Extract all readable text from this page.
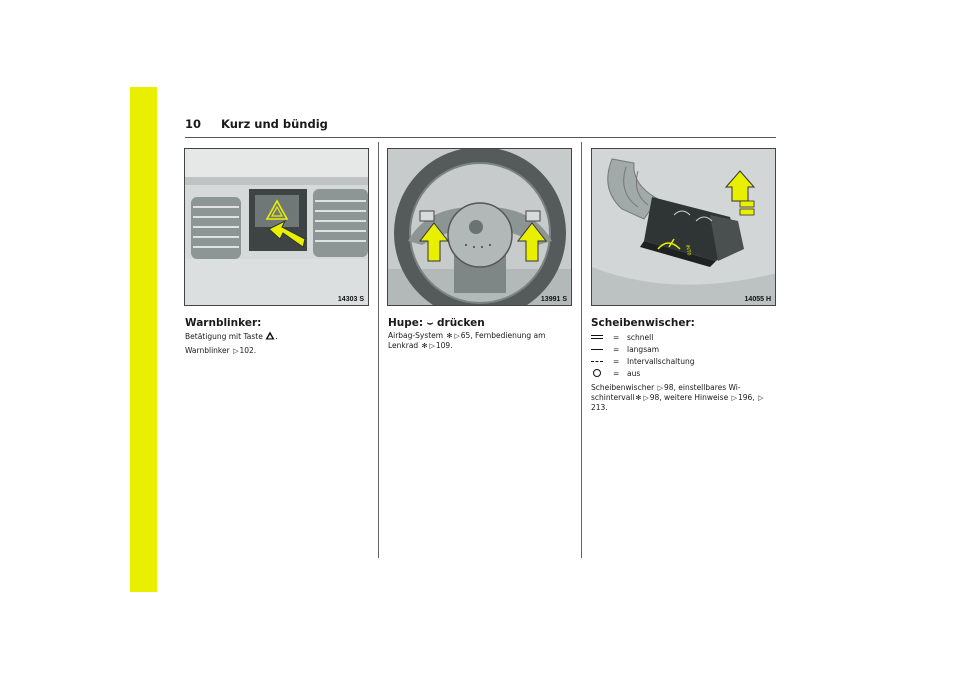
10 Kurz und bündig
14303 S	13991 S
INT0
14055 H
Warnblinker:

Betätigung mit Taste .

Warnblinker ▷102.

Hupe: ⌣ drücken

Airbag-System ✻ ▷65, Fernbedienung am Lenkrad ✻ ▷109.

Scheibenwischer:
=	schnell
=	langsam
=	Intervallschaltung
=	aus

Scheibenwischer ▷98, einstellbares Wi- schintervall✻ ▷98, weitere Hinweise ▷196, ▷213.
